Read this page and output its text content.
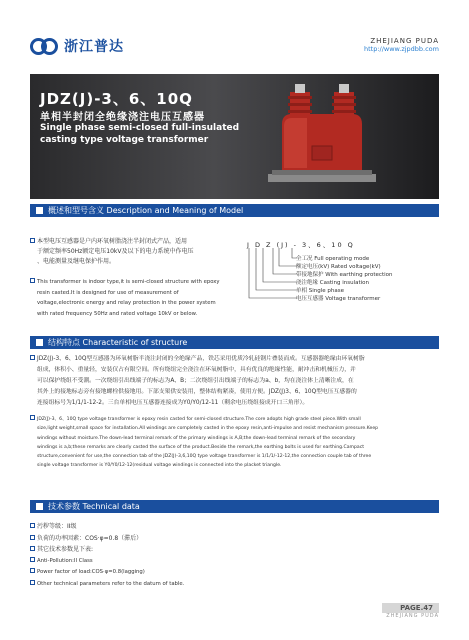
浙江普达	ZHEJIANG PUDA
http://www.zjpdbb.com
JDZ(J)-3、6、10Q
单相半封闭全绝缘浇注电压互感器
Single phase semi-closed full-insulated
casting type voltage transformer
概述和型号含义 Description and Meaning of Model
本型电压互感器是户内环氧树脂浇注半封闭式产品，适用
于额定频率50Hz额定电压10kV及以下的电力系统中作电压
、电能测量及继电保护作用。
This transformer is indoor type,it is semi-closed structure with epoxy
resin casted.It is designed for use of measurement of
voltage,electronic energy and relay protection in the power system
with rated frequency 50Hz and rated voltage 10kV or below.
J D Z (J) - 3、6、10 Q
全工况 Full operating mode
额定电压(kV) Rated voltage(kV)
带接地保护 With earthing protection
浇注绝缘 Casting insulation
单相 Single phase
电压互感器 Voltage transformer
结构特点 Characteristic of structure
JDZ(J)-3、6、10Q型互感器为环氧树脂半浇注封闭的全绝缘产品，铁芯采用优质冷轧硅钢片叠装而成。互感器器绝缘由环氧树脂
组成，体积小、重量轻，安装仅占有限空间。所有绕组完全浇注在环氧树脂中，具有优良的绝缘性能，耐冲击和机械压力，并
可以保护绕组不受潮。一次绕组引出线端子的标志为A、B；二次绕组引出线端子的标志为a、b，均在浇注体上清晰注成，在
其外上的接地标志旁有接地螺栓供接地用。下部支架供安装用，整体结构紧凑，使用方便。JDZ(J)3、6、10Q型电压互感器的
连接组标号为1/1/1-12-2。三台单相电压互感器连接成为Y0/Y0/12-11（剩余电压绕组接成开口三角形）。
JDZ(J)-3、6、10Q type voltage transformer is epoxy resin casted for semi-closed structure.The core adopts high grade steel piece.With small
size,light weight,small space for installation.All windings are completely casted in the epoxy resin,anti-impulse and resist mechanism pressure.Keep
windings without moisture.The down-lead terminal remark of the primary windings is A,B;the down-lead terminal remark of the secondary
windings is a,b;these remarks are clearly casted the surface of the product.Beside the remark,the earthing bolts is used for earthing.Campact
structure,convenient for use,the connection tab of the JDZ(J)-3,6,10Q type voltage transformer is 1/1/1/-12-12,the connection couple tab of three
single voltage transformer is Y0/Y0/12-12(residual voltage windings is connected into the placket triangle.
技术参数 Technical data
污秽等级：II级
负荷的功率因素：COS·φ=0.8（滞后）
其它技术参数见下表:
Anti-Pollution:II Class
Power factor of load:COS·φ=0.8(lagging)
Other technical parameters refer to the datum of table.
PAGE.47
ZHEJIANG PUDA
